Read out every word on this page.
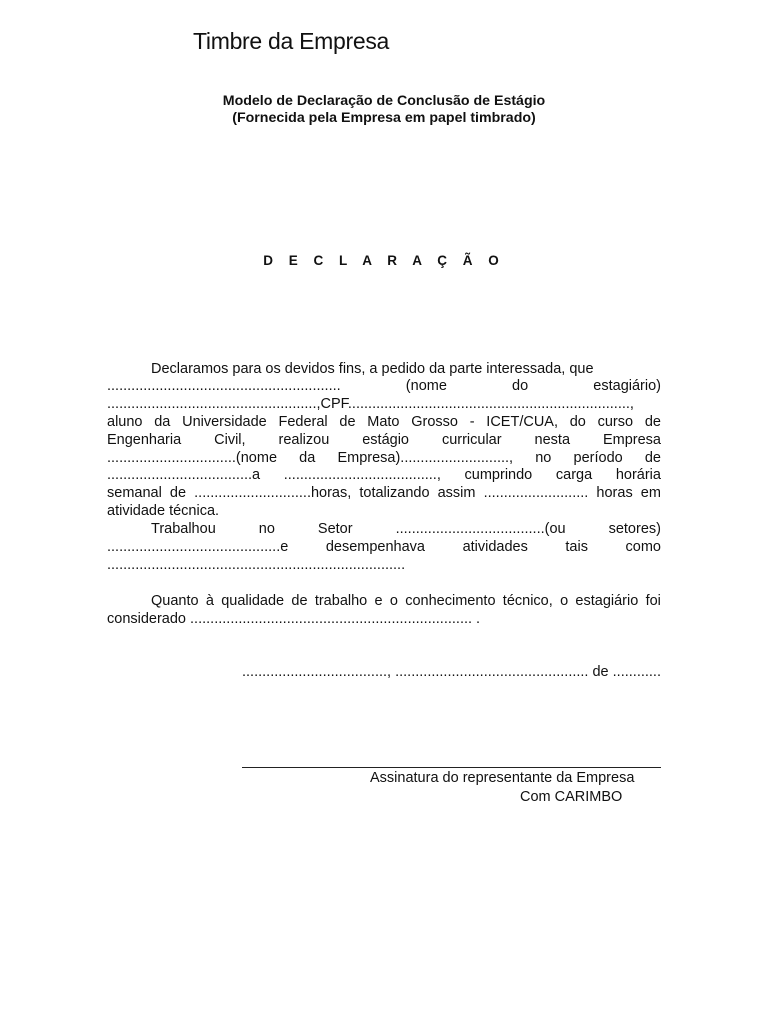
Timbre da Empresa
Modelo de Declaração de Conclusão de Estágio
(Fornecida pela Empresa em papel timbrado)
D E C L A R A Ç Ã O
Declaramos para os devidos fins, a pedido da parte interessada, que
..........................................................	(nome	do	estagiário)
....................................................,CPF......................................................................,
aluno da Universidade Federal de Mato Grosso - ICET/CUA, do curso de
Engenharia Civil, realizou estágio curricular nesta Empresa
................................(nome da Empresa)..........................., no período de
....................................a ......................................, cumprindo carga horária
semanal de .............................horas, totalizando assim .......................... horas em
atividade técnica.
Trabalhou	no	Setor	.....................................(ou	setores)
...........................................e	desempenhava	atividades	tais	como
..........................................................................
Quanto à qualidade de trabalho e o conhecimento técnico, o estagiário foi
considerado ...................................................................... .
...................................., ................................................ de ............
Assinatura do representante da Empresa
Com CARIMBO
